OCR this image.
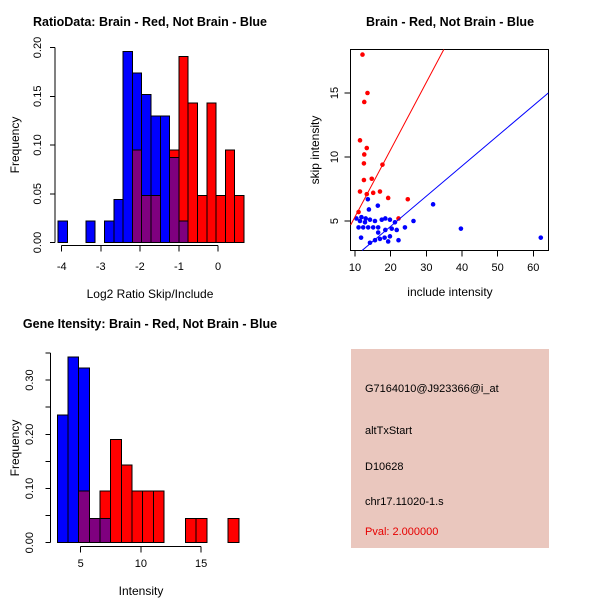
0.00
0.05
0.10
0.15
0.20
-4	-3	-2	-1	0
0.00
0.10
0.20
0.30
5	10	15
10 20 30 40 50 60
5
10
15
RatioData: Brain - Red, Not Brain - Blue
Log2 Ratio Skip/Include
Frequency
Brain - Red, Not Brain - Blue
include intensity
skip intensity
Gene Itensity: Brain - Red, Not Brain - Blue
Intensity
Frequency
G7164010@J923366@i_at
altTxStart
D10628
chr17.11020-1.s
Pval: 2.000000
